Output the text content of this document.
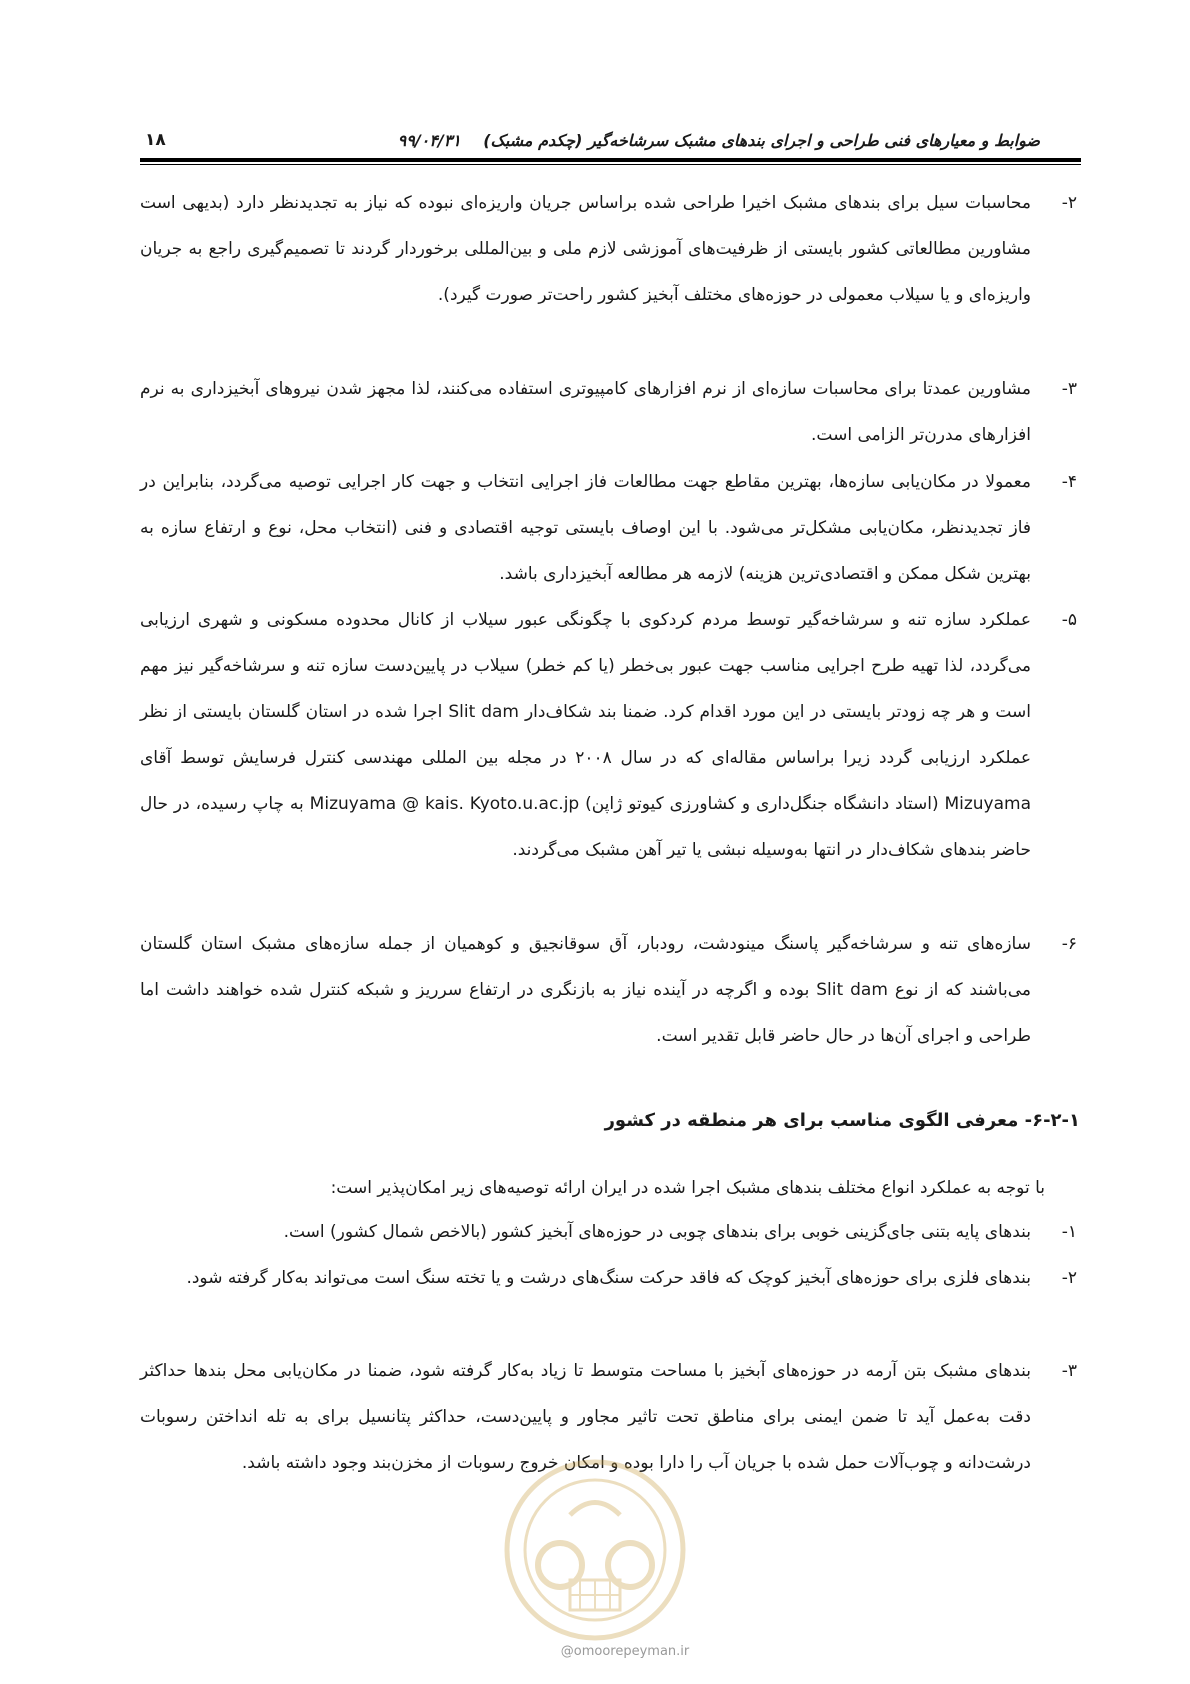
۱۸	ضوابط و معیارهای فنی طراحی و اجرای بندهای مشبک سرشاخه‌گیر (چکدم مشبک)    ۹۹/۰۴/۳۱
۲-
محاسبات سیل برای بندهای مشبک اخیرا طراحی شده براساس جریان واریزه‌ای نبوده که نیاز به تجدیدنظر دارد (بدیهی است مشاورین مطالعاتی کشور بایستی از ظرفیت‌های آموزشی لازم ملی و بین‌المللی برخوردار گردند تا تصمیم‌گیری راجع به جریان واریزه‌ای و یا سیلاب معمولی در حوزه‌های مختلف آبخیز کشور راحت‌تر صورت گیرد).
۳-
مشاورین عمدتا برای محاسبات سازه‌ای از نرم افزارهای کامپیوتری استفاده می‌کنند، لذا مجهز شدن نیروهای آبخیزداری به نرم افزارهای مدرن‌تر الزامی است.
۴-
معمولا در مکان‌یابی سازه‌ها، بهترین مقاطع جهت مطالعات فاز اجرایی انتخاب و جهت کار اجرایی توصیه می‌گردد، بنابراین در فاز تجدیدنظر، مکان‌یابی مشکل‌تر می‌شود. با این اوصاف بایستی توجیه اقتصادی و فنی (انتخاب محل، نوع و ارتفاع سازه به بهترین شکل ممکن و اقتصادی‌ترین هزینه) لازمه هر مطالعه آبخیزداری باشد.
۵-
عملکرد سازه تنه و سرشاخه‌گیر توسط مردم کردکوی با چگونگی عبور سیلاب از کانال محدوده مسکونی و شهری ارزیابی می‌گردد، لذا تهیه طرح اجرایی مناسب جهت عبور بی‌خطر (یا کم خطر) سیلاب در پایین‌دست سازه تنه و سرشاخه‌گیر نیز مهم است و هر چه زودتر بایستی در این مورد اقدام کرد. ضمنا بند شکاف‌دار Slit dam اجرا شده در استان گلستان بایستی از نظر عملکرد ارزیابی گردد زیرا براساس مقاله‌ای که در سال ۲۰۰۸ در مجله بین المللی مهندسی کنترل فرسایش توسط آقای Mizuyama (استاد دانشگاه جنگل‌داری و کشاورزی کیوتو ژاپن) Mizuyama @ kais. Kyoto.u.ac.jp به چاپ رسیده، در حال حاضر بندهای شکاف‌دار در انتها به‌وسیله نبشی یا تیر آهن مشبک می‌گردند.
۶-
سازه‌های تنه و سرشاخه‌گیر پاسنگ مینودشت، رودبار، آق سوقانجیق و کوهمیان از جمله سازه‌های مشبک استان گلستان می‌باشند که از نوع Slit dam بوده و اگرچه در آینده نیاز به بازنگری در ارتفاع سرریز و شبکه کنترل شده خواهند داشت اما طراحی و اجرای آن‌ها در حال حاضر قابل تقدیر است.
۶-۲-۱- معرفی الگوی مناسب برای هر منطقه در کشور
با توجه به عملکرد انواع مختلف بندهای مشبک اجرا شده در ایران ارائه توصیه‌های زیر امکان‌پذیر است:
۱-
بندهای پایه بتنی جای‌گزینی خوبی برای بندهای چوبی در حوزه‌های آبخیز کشور (بالاخص شمال کشور) است.
۲-
بندهای فلزی برای حوزه‌های آبخیز کوچک که فاقد حرکت سنگ‌های درشت و یا تخته سنگ است می‌تواند به‌کار گرفته شود.
۳-
بندهای مشبک بتن آرمه در حوزه‌های آبخیز با مساحت متوسط تا زیاد به‌کار گرفته شود، ضمنا در مکان‌یابی محل بندها حداکثر دقت به‌عمل آید تا ضمن ایمنی برای مناطق تحت تاثیر مجاور و پایین‌دست، حداکثر پتانسیل برای به تله انداختن رسوبات درشت‌دانه و چوب‌آلات حمل شده با جریان آب را دارا بوده و امکان خروج رسوبات از مخزن‌بند وجود داشته باشد.
@omoorepeyman.ir
